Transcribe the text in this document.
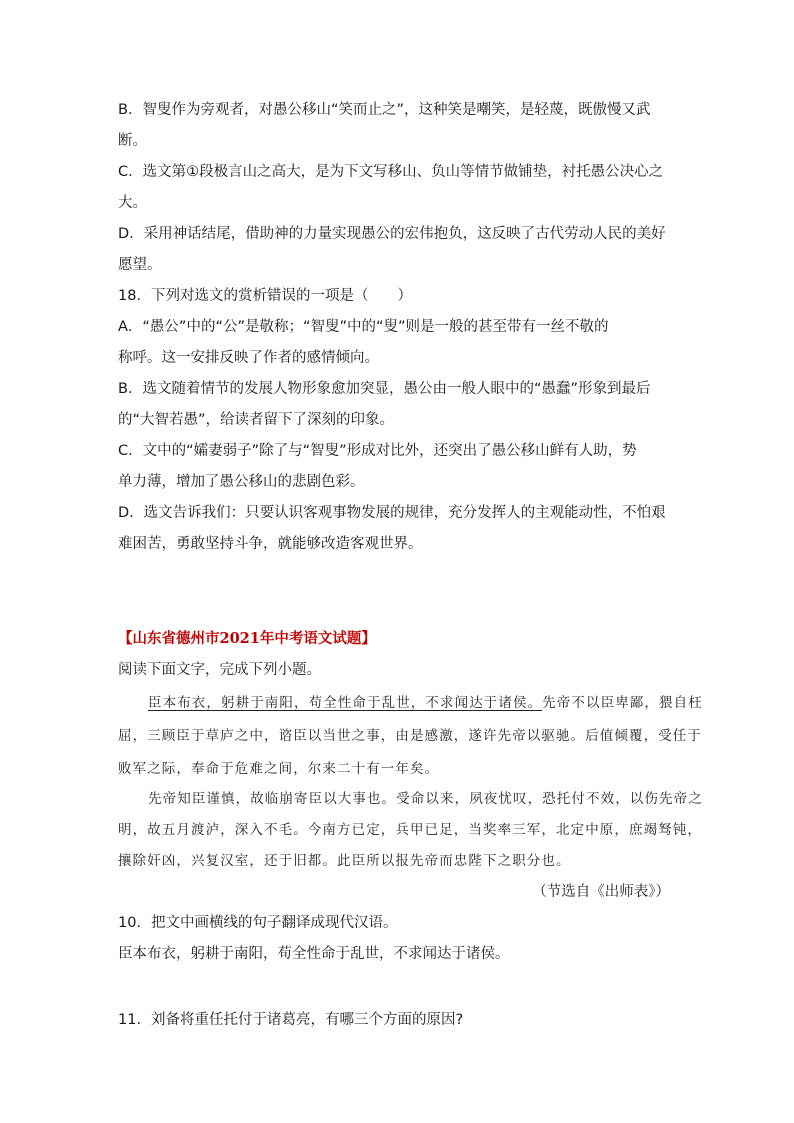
B．智叟作为旁观者，对愚公移山“笑而止之”，这种笑是嘲笑，是轻蔑，既傲慢又武
断。
C．选文第①段极言山之高大，是为下文写移山、负山等情节做铺垫，衬托愚公决心之
大。
D．采用神话结尾，借助神的力量实现愚公的宏伟抱负，这反映了古代劳动人民的美好
愿望。
18．下列对选文的赏析错误的一项是（　　）
A．“愚公”中的“公”是敬称；“智叟”中的“叟”则是一般的甚至带有一丝不敬的
称呼。这一安排反映了作者的感情倾向。
B．选文随着情节的发展人物形象愈加突显，愚公由一般人眼中的“愚蠢”形象到最后
的“大智若愚”，给读者留下了深刻的印象。
C．文中的“孀妻弱子”除了与“智叟”形成对比外，还突出了愚公移山鲜有人助，势
单力薄，增加了愚公移山的悲剧色彩。
D．选文告诉我们：只要认识客观事物发展的规律，充分发挥人的主观能动性，不怕艰
难困苦，勇敢坚持斗争，就能够改造客观世界。
【山东省德州市2021年中考语文试题】
阅读下面文字，完成下列小题。
臣本布衣，躬耕于南阳，苟全性命于乱世，不求闻达于诸侯。先帝不以臣卑鄙，猥自枉
屈，三顾臣于草庐之中，谘臣以当世之事，由是感激，遂许先帝以驱驰。后值倾覆，受任于
败军之际，奉命于危难之间，尔来二十有一年矣。
先帝知臣谨慎，故临崩寄臣以大事也。受命以来，夙夜忧叹，恐托付不效，以伤先帝之
明，故五月渡泸，深入不毛。今南方已定，兵甲已足，当奖率三军，北定中原，庶竭驽钝，
攘除奸凶，兴复汉室，还于旧都。此臣所以报先帝而忠陛下之职分也。
（节选自《出师表》）
10．把文中画横线的句子翻译成现代汉语。
臣本布衣，躬耕于南阳，苟全性命于乱世，不求闻达于诸侯。
11．刘备将重任托付于诸葛亮，有哪三个方面的原因?
